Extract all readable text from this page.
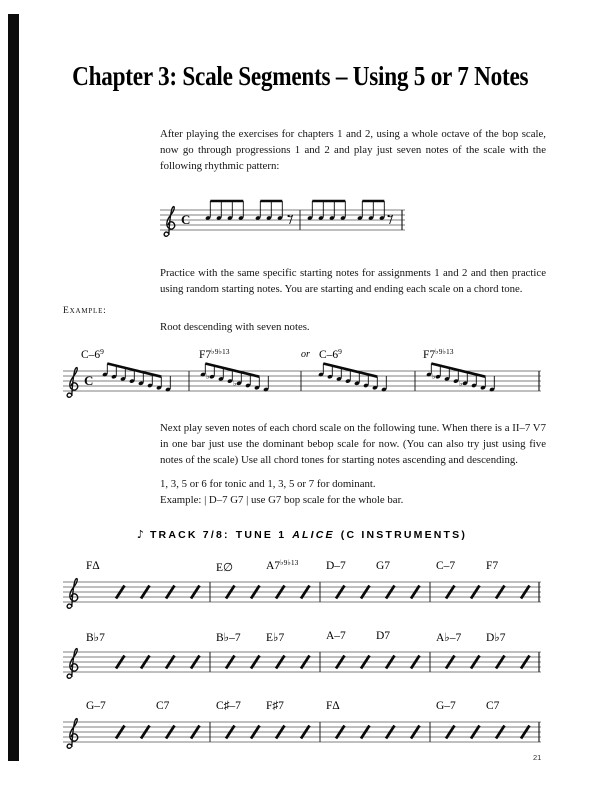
Chapter 3: Scale Segments – Using 5 or 7 Notes

After playing the exercises for chapters 1 and 2, using a whole octave of the bop scale, now go through progressions 1 and 2 and play just seven notes of the scale with the following rhythmic pattern:

C

Practice with the same specific starting notes for assignments 1 and 2 and then practice using random starting notes. You are starting and ending each scale on a chord tone.

Example:

Root descending with seven notes.

C	♭
♭
♭
♭
$C-6^9$	$F7^{♭9♭13}$	or $C-6^9$	$F7^{♭9♭13}$

Next play seven notes of each chord scale on the following tune. When there is a II–7 V7 in one bar just use the dominant bebop scale for now. (You can also try just using five notes of the scale) Use all chord tones for starting notes ascending and descending.

1, 3, 5 or 6 for tonic and 1, 3, 5 or 7 for dominant.

Example: | D–7 G7 | use G7 bop scale for the whole bar.

♪ TRACK 7/8: TUNE 1 ALICE (C INSTRUMENTS)
F∆	E∅	$A7^{♭9♭13}$ D–7	G7	C–7	F7
B♭7	B♭–7 E♭7	A–7	D7	A♭–7 D♭7
G–7	C7	C♯–7 F♯7	F∆	G–7	C7
21
